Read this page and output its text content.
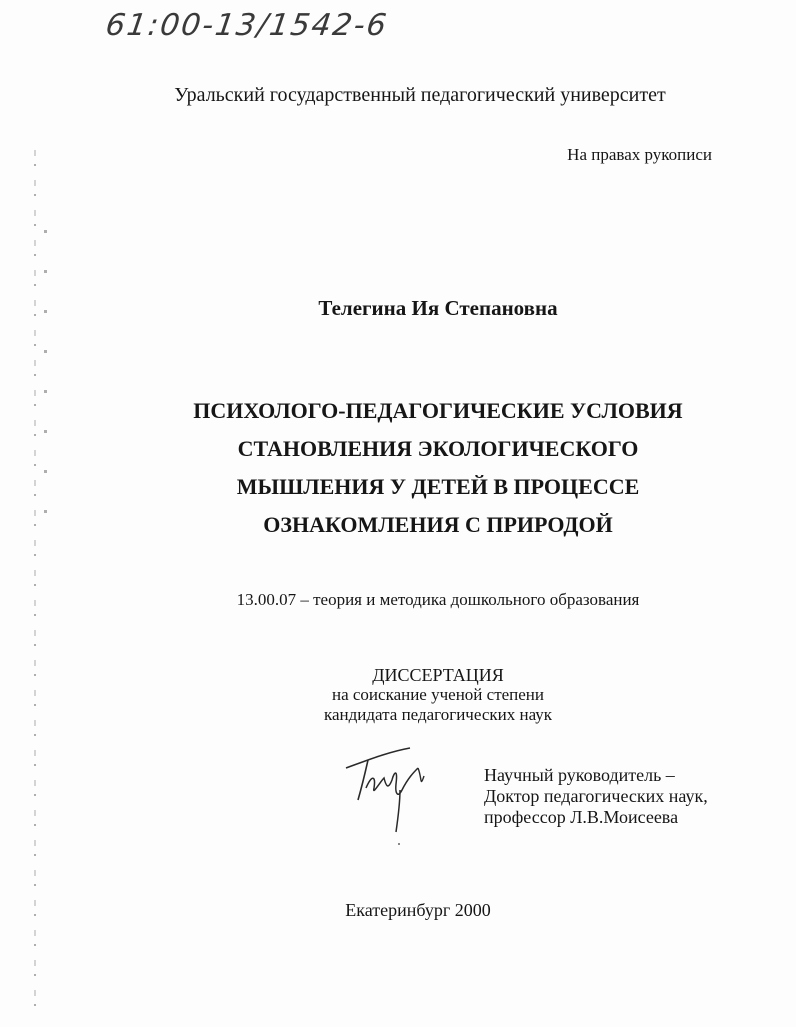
61:00-13/1542-6
Уральский государственный педагогический университет
На правах рукописи
Телегина Ия Степановна
ПСИХОЛОГО-ПЕДАГОГИЧЕСКИЕ УСЛОВИЯ
СТАНОВЛЕНИЯ ЭКОЛОГИЧЕСКОГО
МЫШЛЕНИЯ У ДЕТЕЙ В ПРОЦЕССЕ
ОЗНАКОМЛЕНИЯ С ПРИРОДОЙ
13.00.07 – теория и методика дошкольного образования
ДИССЕРТАЦИЯ
на соискание ученой степени
кандидата педагогических наук
Научный руководитель –
Доктор педагогических наук,
профессор Л.В.Моисеева
Екатеринбург 2000
